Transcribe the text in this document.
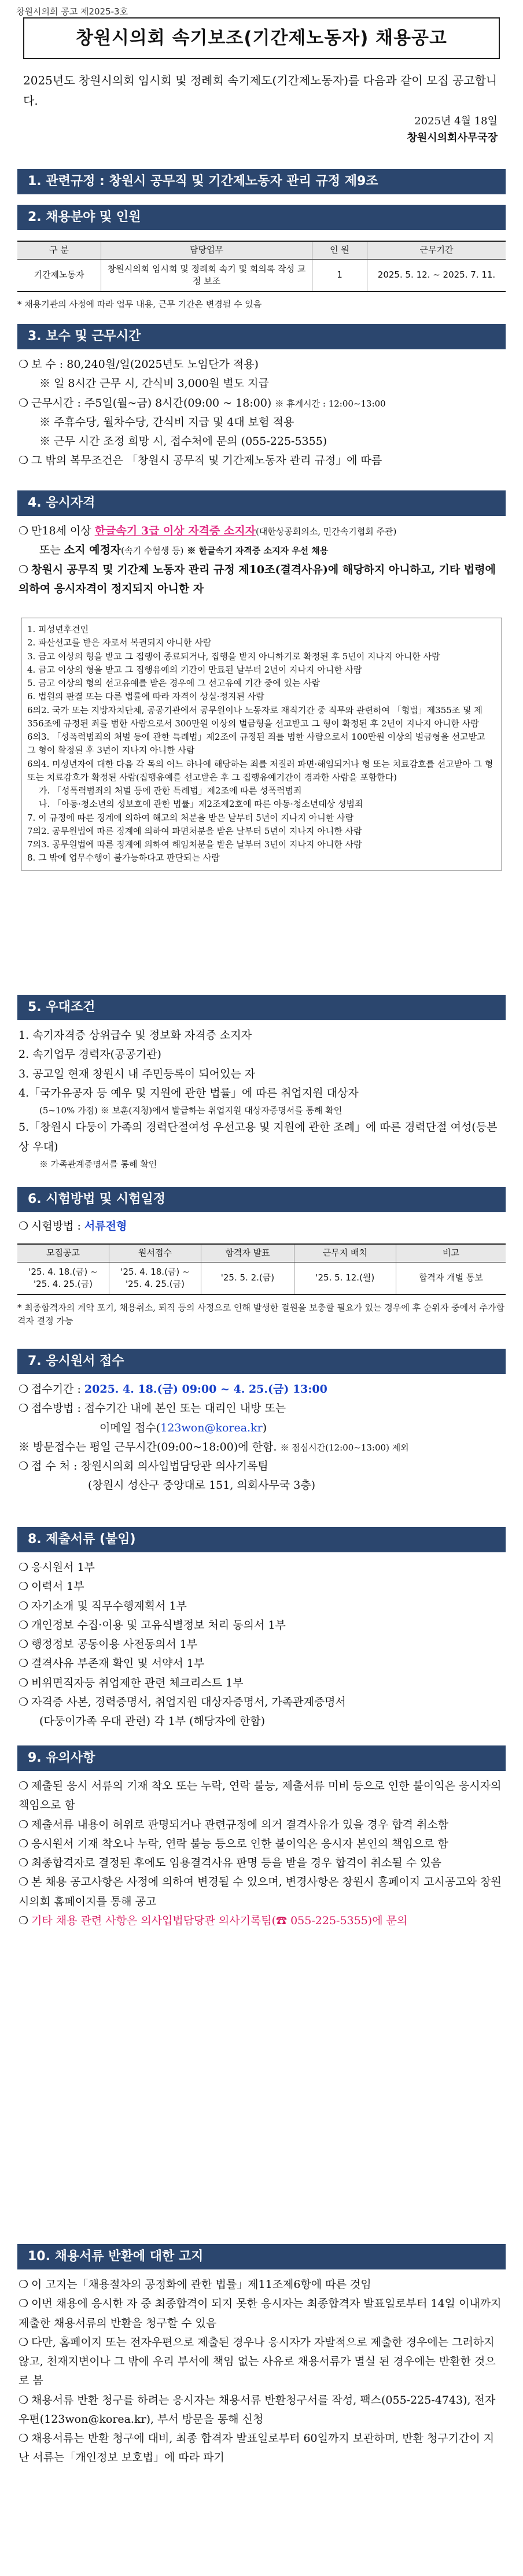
창원시의회 공고 제2025-3호
창원시의회 속기보조(기간제노동자) 채용공고
2025년도 창원시의회 임시회 및 정례회 속기제도(기간제노동자)를 다음과 같이 모집 공고합니다.
2025년 4월 18일
창원시의회사무국장
1. 관련규정 : 창원시 공무직 및 기간제노동자 관리 규정 제9조
2. 채용분야 및 인원
구 분	담당업무	인 원	근무기간
기간제노동자	창원시의회 임시회 및 정례회 속기 및 회의록 작성 교정 보조	1	2025. 5. 12. ~ 2025. 7. 11.
* 채용기관의 사정에 따라 업무 내용, 근무 기간은 변경될 수 있음
3. 보수 및 근무시간
❍ 보 수 : 80,240원/일(2025년도 노임단가 적용)
※ 일 8시간 근무 시, 간식비 3,000원 별도 지급
❍ 근무시간 : 주5일(월~금) 8시간(09:00 ~ 18:00) ※ 휴게시간 : 12:00~13:00
※ 주휴수당, 월차수당, 간식비 지급 및 4대 보험 적용
※ 근무 시간 조정 희망 시, 접수처에 문의 (055-225-5355)
❍ 그 밖의 복무조건은 「창원시 공무직 및 기간제노동자 관리 규정」에 따름
4. 응시자격
❍ 만18세 이상 한글속기 3급 이상 자격증 소지자(대한상공회의소, 민간속기협회 주관)
또는 소지 예정자(속기 수험생 등) ※ 한글속기 자격증 소지자 우선 채용
❍ 창원시 공무직 및 기간제 노동자 관리 규정 제10조(결격사유)에 해당하지 아니하고, 기타 법령에 의하여 응시자격이 정지되지 아니한 자
1. 피성년후견인
2. 파산선고를 받은 자로서 복권되지 아니한 사람
3. 금고 이상의 형을 받고 그 집행이 종료되거나, 집행을 받지 아니하기로 확정된 후 5년이 지나지 아니한 사람
4. 금고 이상의 형을 받고 그 집행유예의 기간이 만료된 날부터 2년이 지나지 아니한 사람
5. 금고 이상의 형의 선고유예를 받은 경우에 그 선고유예 기간 중에 있는 사람
6. 법원의 판결 또는 다른 법률에 따라 자격이 상실·정지된 사람
6의2. 국가 또는 지방자치단체, 공공기관에서 공무원이나 노동자로 재직기간 중 직무와 관련하여 「형법」제355조 및 제356조에 규정된 죄를 범한 사람으로서 300만원 이상의 벌금형을 선고받고 그 형이 확정된 후 2년이 지나지 아니한 사람
6의3. 「성폭력범죄의 처벌 등에 관한 특례법」제2조에 규정된 죄를 범한 사람으로서 100만원 이상의 벌금형을 선고받고 그 형이 확정된 후 3년이 지나지 아니한 사람
6의4. 미성년자에 대한 다음 각 목의 어느 하나에 해당하는 죄를 저질러 파면·해임되거나 형 또는 치료감호를 선고받아 그 형 또는 치료감호가 확정된 사람(집행유예를 선고받은 후 그 집행유예기간이 경과한 사람을 포함한다)
가. 「성폭력범죄의 처벌 등에 관한 특례법」제2조에 따른 성폭력범죄
나. 「아동·청소년의 성보호에 관한 법률」제2조제2호에 따른 아동·청소년대상 성범죄
7. 이 규정에 따른 징계에 의하여 해고의 처분을 받은 날부터 5년이 지나지 아니한 사람
7의2. 공무원법에 따른 징계에 의하여 파면처분을 받은 날부터 5년이 지나지 아니한 사람
7의3. 공무원법에 따른 징계에 의하여 해임처분을 받은 날부터 3년이 지나지 아니한 사람
8. 그 밖에 업무수행이 불가능하다고 판단되는 사람
5. 우대조건
1. 속기자격증 상위급수 및 정보화 자격증 소지자
2. 속기업무 경력자(공공기관)
3. 공고일 현재 창원시 내 주민등록이 되어있는 자
4.「국가유공자 등 예우 및 지원에 관한 법률」에 따른 취업지원 대상자
(5~10% 가점) ※ 보훈(지청)에서 발급하는 취업지원 대상자증명서를 통해 확인
5.「창원시 다둥이 가족의 경력단절여성 우선고용 및 지원에 관한 조례」에 따른 경력단절 여성(등본상 우대)
※ 가족관계증명서를 통해 확인
6. 시험방법 및 시험일정
❍ 시험방법 : 서류전형
모집공고	원서접수	합격자 발표	근무지 배치	비고
'25. 4. 18.(금) ~ '25. 4. 25.(금)	'25. 4. 18.(금) ~ '25. 4. 25.(금)	'25. 5. 2.(금)	'25. 5. 12.(월)	합격자 개별 통보
* 최종합격자의 계약 포기, 채용취소, 퇴직 등의 사정으로 인해 발생한 결원을 보충할 필요가 있는 경우에 후 순위자 중에서 추가합격자 결정 가능
7. 응시원서 접수
❍ 접수기간 : 2025. 4. 18.(금) 09:00 ~ 4. 25.(금) 13:00
❍ 접수방법 : 접수기간 내에 본인 또는 대리인 내방 또는
이메일 접수(123won@korea.kr)
※ 방문접수는 평일 근무시간(09:00~18:00)에 한함. ※ 점심시간(12:00~13:00) 제외
❍ 접 수 처 : 창원시의회 의사입법담당관 의사기록팀
(창원시 성산구 중앙대로 151, 의회사무국 3층)
8. 제출서류 (붙임)
❍ 응시원서 1부
❍ 이력서 1부
❍ 자기소개 및 직무수행계획서 1부
❍ 개인정보 수집·이용 및 고유식별정보 처리 동의서 1부
❍ 행정정보 공동이용 사전동의서 1부
❍ 결격사유 부존재 확인 및 서약서 1부
❍ 비위면직자등 취업제한 관련 체크리스트 1부
❍ 자격증 사본, 경력증명서, 취업지원 대상자증명서, 가족관계증명서
(다둥이가족 우대 관련) 각 1부 (해당자에 한함)
9. 유의사항
❍ 제출된 응시 서류의 기재 착오 또는 누락, 연락 불능, 제출서류 미비 등으로 인한 불이익은 응시자의 책임으로 함
❍ 제출서류 내용이 허위로 판명되거나 관련규정에 의거 결격사유가 있을 경우 합격 취소함
❍ 응시원서 기재 착오나 누락, 연락 불능 등으로 인한 불이익은 응시자 본인의 책임으로 함
❍ 최종합격자로 결정된 후에도 임용결격사유 판명 등을 받을 경우 합격이 취소될 수 있음
❍ 본 채용 공고사항은 사정에 의하여 변경될 수 있으며, 변경사항은 창원시 홈페이지 고시공고와 창원시의회 홈페이지를 통해 공고
❍ 기타 채용 관련 사항은 의사입법담당관 의사기록팀(☎ 055-225-5355)에 문의
10. 채용서류 반환에 대한 고지
❍ 이 고지는「채용절차의 공정화에 관한 법률」제11조제6항에 따른 것임
❍ 이번 채용에 응시한 자 중 최종합격이 되지 못한 응시자는 최종합격자 발표일로부터 14일 이내까지 제출한 채용서류의 반환을 청구할 수 있음
❍ 다만, 홈페이지 또는 전자우편으로 제출된 경우나 응시자가 자발적으로 제출한 경우에는 그러하지 않고, 천재지변이나 그 밖에 우리 부서에 책임 없는 사유로 채용서류가 멸실 된 경우에는 반환한 것으로 봄
❍ 채용서류 반환 청구를 하려는 응시자는 채용서류 반환청구서를 작성, 팩스(055-225-4743), 전자우편(123won@korea.kr), 부서 방문을 통해 신청
❍ 채용서류는 반환 청구에 대비, 최종 합격자 발표일로부터 60일까지 보관하며, 반환 청구기간이 지난 서류는「개인정보 보호법」에 따라 파기
